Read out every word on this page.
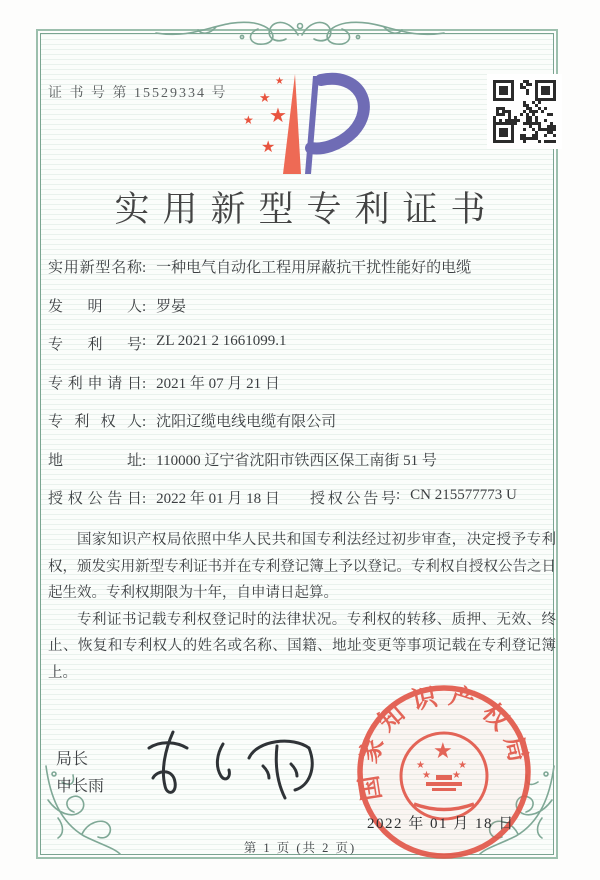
证 书 号 第 15529334 号
★
★
★
★
★
实用新型专利证书
实用新型名称: 一种电气自动化工程用屏蔽抗干扰性能好的电缆
发明人: 罗晏
专利号: ZL 2021 2 1661099.1
专利申请日: 2021 年 07 月 21 日
专利权人: 沈阳辽缆电线电缆有限公司
地址: 110000 辽宁省沈阳市铁西区保工南街 51 号
授权公告日: 2022 年 01 月 18 日 授权公告号: CN 215577773 U

国家知识产权局依照中华人民共和国专利法经过初步审查，决定授予专利权，颁发实用新型专利证书并在专利登记簿上予以登记。专利权自授权公告之日起生效。专利权期限为十年，自申请日起算。

专利证书记载专利权登记时的法律状况。专利权的转移、质押、无效、终止、恢复和专利权人的姓名或名称、国籍、地址变更等事项记载在专利登记簿上。

局长
申长雨	国家知识产权局
★
★	★
★ ★
2022 年 01 月 18 日
第 1 页 (共 2 页)
